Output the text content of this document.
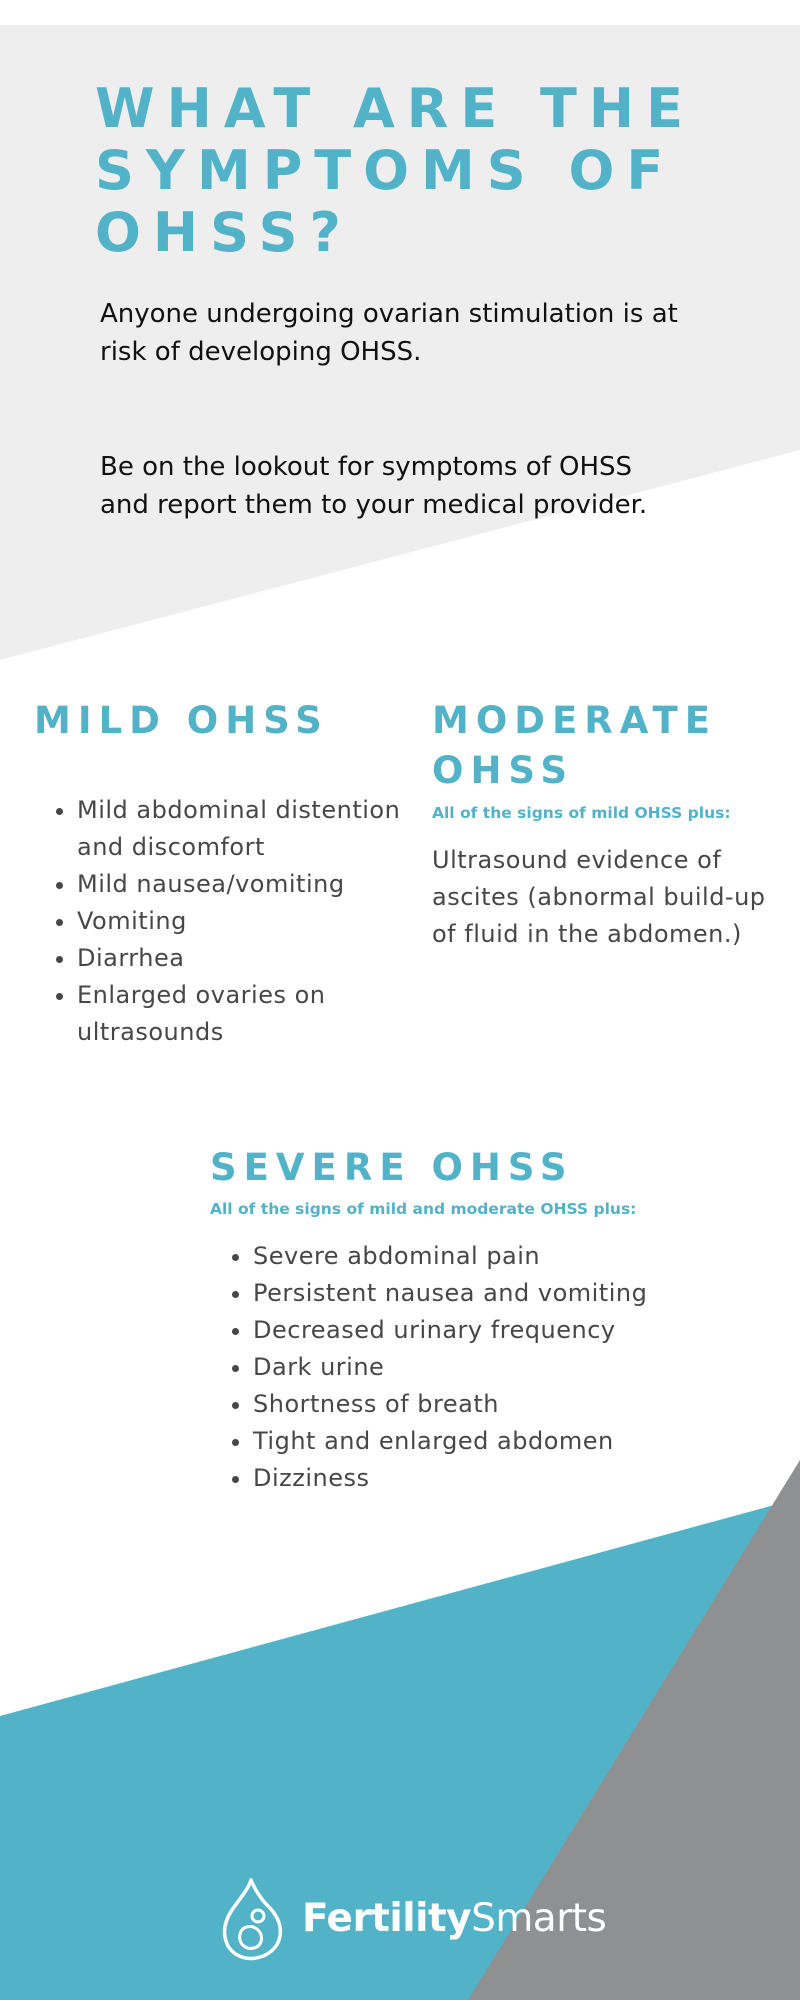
WHAT ARE THE SYMPTOMS OF OHSS?

Anyone undergoing ovarian stimulation is at risk of developing OHSS.

Be on the lookout for symptoms of OHSS and report them to your medical provider.

MILD OHSS
• Mild abdominal distention and discomfort
• Mild nausea/vomiting
• Vomiting
• Diarrhea
• Enlarged ovaries on ultrasounds
MODERATE OHSS

All of the signs of mild OHSS plus:

Ultrasound evidence of ascites (abnormal build-up of fluid in the abdomen.)

SEVERE OHSS

All of the signs of mild and moderate OHSS plus:

• Severe abdominal pain
• Persistent nausea and vomiting
• Decreased urinary frequency
• Dark urine
• Shortness of breath
• Tight and enlarged abdomen
• Dizziness
FertilitySmarts
